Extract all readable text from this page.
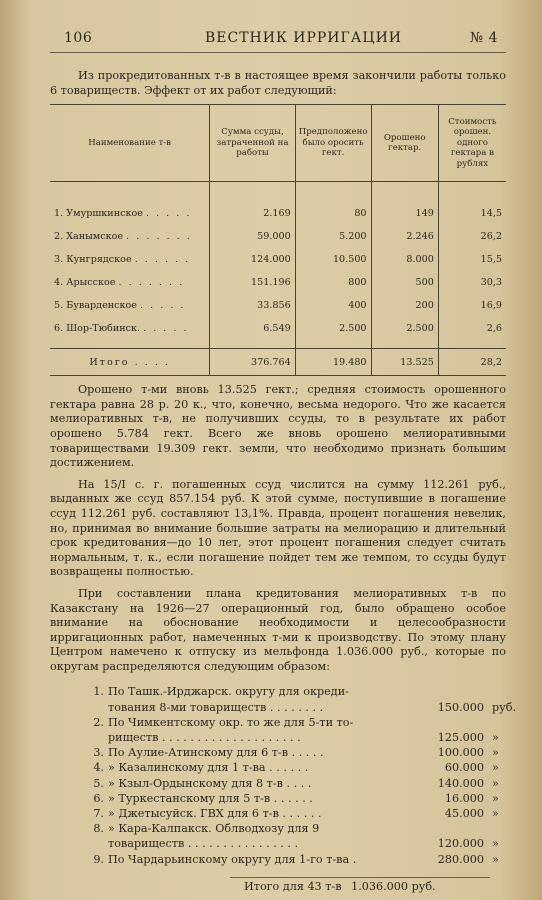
106	ВЕСТНИК ИРРИГАЦИИ	№ 4

Из прокредитованных т-в в настоящее время закончили работы только 6 товариществ. Эффект от их работ следующий:

Наименование т-в	Сумма ссуды, затраченной на работы	Предположено было оросить гект.	Орошено гектар.	Стоимость орошен. одного гектара в рублях

1. Умуршкинское . . . . .	2.169	80	149	14,5
2. Ханымское . . . . . . .	59.000	5.200	2.246	26,2
3. Кунгрядское . . . . . .	124.000	10.500	8.000	15,5
4. Арысское . . . . . . .	151.196	800	500	30,3
5. Буварденское . . . . .	33.856	400	200	16,9
6. Шор-Тюбинск. . . . . .	6.549	2.500	2.500	2,6

Итого . . . .	376.764	19.480	13.525	28,2

Орошено т-ми вновь 13.525 гект.; средняя стоимость орошенного гектара равна 28 р. 20 к., что, конечно, весьма недорого. Что же касается мелиоративных т-в, не получивших ссуды, то в результате их работ орошено 5.784 гект. Всего же вновь орошено мелиоративными товариществами 19.309 гект. земли, что необходимо признать большим достижением.

На 15/I с. г. погашенных ссуд числится на сумму 112.261 руб., выданных же ссуд 857.154 руб. К этой сумме, поступившие в погашение ссуд 112.261 руб. составляют 13,1%. Правда, процент погашения невелик, но, принимая во внимание большие затраты на мелиорацию и длительный срок кредитования—до 10 лет, этот процент погашения следует считать нормальным, т. к., если погашение пойдет тем же темпом, то ссуды будут возвращены полностью.

При составлении плана кредитования мелиоративных т-в по Казакстану на 1926—27 операционный год, было обращено особое внимание на обоснование необходимости и целесообразности ирригационных работ, намеченных т-ми к производству. По этому плану Центром намечено к отпуску из мельфонда 1.036.000 руб., которые по округам распределяются следующим образом:

1. По Ташк.-Ирджарск. округу для окреди-
тования 8-ми товариществ . . . . . . . .	150.000 руб.
2. По Чимкентскому окр. то же для 5-ти то-
риществ . . . . . . . . . . . . . . . . . . . .	125.000 »
3. По Аулие-Атинскому для 6 т-в . . . . .	100.000 »
4. » Казалинскому для 1 т-ва . . . . . .	60.000 »
5. » Кзыл-Ордынскому для 8 т-в . . . .	140.000 »
6. » Туркестанскому для 5 т-в . . . . . .	16.000 »
7. » Джетысуйск. ГВХ для 6 т-в . . . . . .	45.000 »
8. » Кара-Калпакск. Облводхозу для 9
товариществ . . . . . . . . . . . . . . . .	120.000 »
9. По Чардарьинскому округу для 1-го т-ва .	280.000 »
Итого для 43 т-в 1.036.000 руб.
